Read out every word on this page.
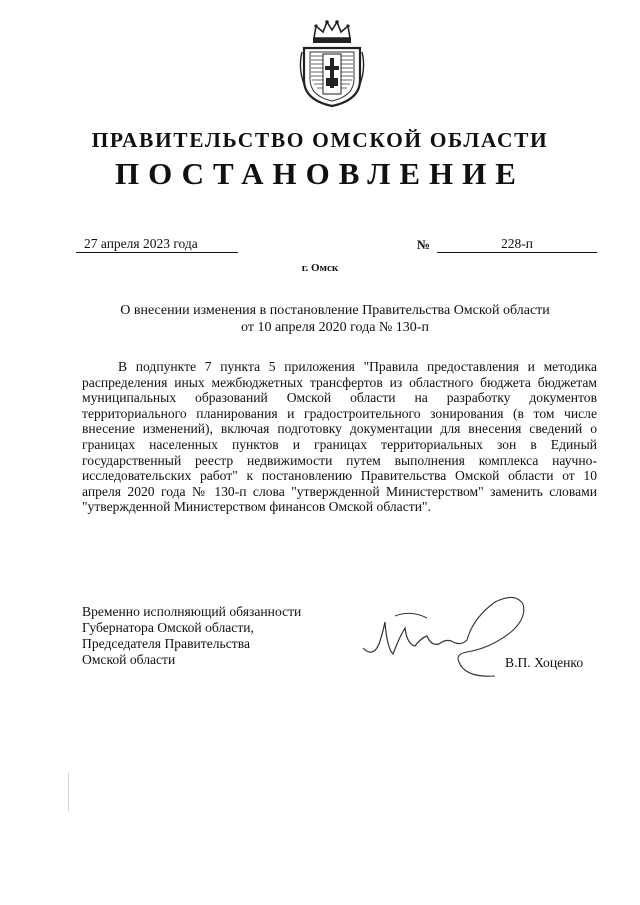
ПРАВИТЕЛЬСТВО ОМСКОЙ ОБЛАСТИ
ПОСТАНОВЛЕНИЕ
27 апреля 2023 года	№	228-п
г. Омск
О внесении изменения в постановление Правительства Омской области
от 10 апреля 2020 года № 130-п
В подпункте 7 пункта 5 приложения "Правила предоставления и методика распределения иных межбюджетных трансфертов из областного бюджета бюджетам муниципальных образований Омской области на разработку документов территориального планирования и градостроительного зонирования (в том числе внесение изменений), включая подготовку документации для внесения сведений о границах населенных пунктов и границах территориальных зон в Единый государственный реестр недвижимости путем выполнения комплекса научно-исследовательских работ" к постановлению Правительства Омской области от 10 апреля 2020 года № 130-п слова "утвержденной Министерством" заменить словами "утвержденной Министерством финансов Омской области".
Временно исполняющий обязанности
Губернатора Омской области,
Председателя Правительства
Омской области	В.П. Хоценко
